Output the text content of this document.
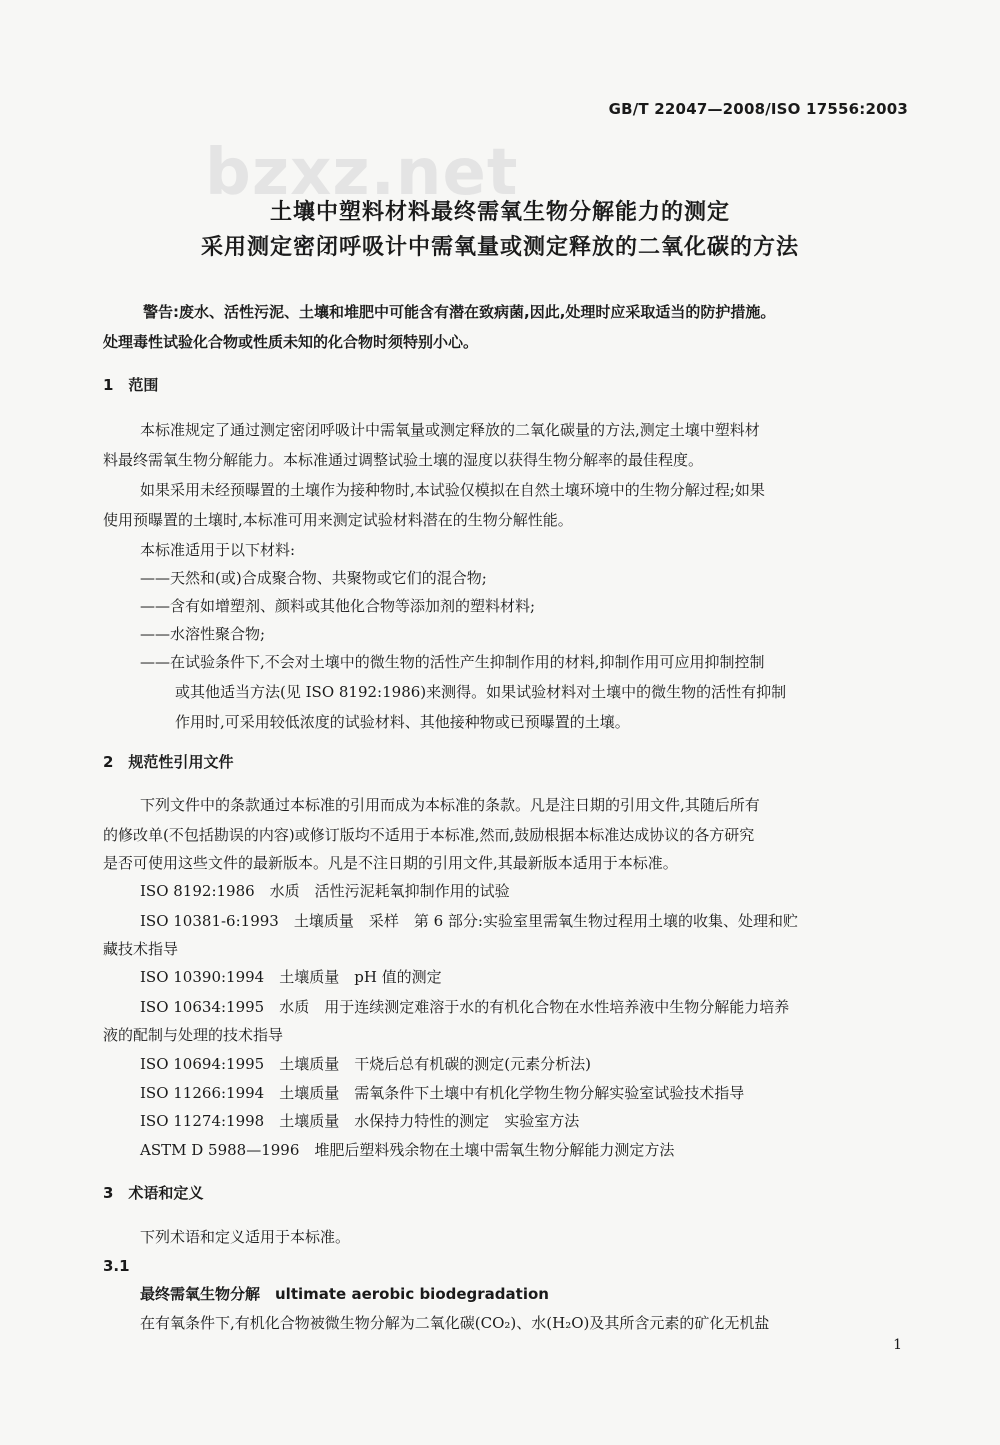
GB/T 22047—2008/ISO 17556:2003
bzxz.net
土壤中塑料材料最终需氧生物分解能力的测定
采用测定密闭呼吸计中需氧量或测定释放的二氧化碳的方法
警告:废水、活性污泥、土壤和堆肥中可能含有潜在致病菌,因此,处理时应采取适当的防护措施。
处理毒性试验化合物或性质未知的化合物时须特别小心。
1　范围
本标准规定了通过测定密闭呼吸计中需氧量或测定释放的二氧化碳量的方法,测定土壤中塑料材
料最终需氧生物分解能力。本标准通过调整试验土壤的湿度以获得生物分解率的最佳程度。
如果采用未经预曝置的土壤作为接种物时,本试验仅模拟在自然土壤环境中的生物分解过程;如果
使用预曝置的土壤时,本标准可用来测定试验材料潜在的生物分解性能。
本标准适用于以下材料:
——天然和(或)合成聚合物、共聚物或它们的混合物;
——含有如增塑剂、颜料或其他化合物等添加剂的塑料材料;
——水溶性聚合物;
——在试验条件下,不会对土壤中的微生物的活性产生抑制作用的材料,抑制作用可应用抑制控制
或其他适当方法(见 ISO 8192:1986)来测得。如果试验材料对土壤中的微生物的活性有抑制
作用时,可采用较低浓度的试验材料、其他接种物或已预曝置的土壤。
2　规范性引用文件
下列文件中的条款通过本标准的引用而成为本标准的条款。凡是注日期的引用文件,其随后所有
的修改单(不包括勘误的内容)或修订版均不适用于本标准,然而,鼓励根据本标准达成协议的各方研究
是否可使用这些文件的最新版本。凡是不注日期的引用文件,其最新版本适用于本标准。
ISO 8192:1986　水质　活性污泥耗氧抑制作用的试验
ISO 10381-6:1993　土壤质量　采样　第 6 部分:实验室里需氧生物过程用土壤的收集、处理和贮
藏技术指导
ISO 10390:1994　土壤质量　pH 值的测定
ISO 10634:1995　水质　用于连续测定难溶于水的有机化合物在水性培养液中生物分解能力培养
液的配制与处理的技术指导
ISO 10694:1995　土壤质量　干烧后总有机碳的测定(元素分析法)
ISO 11266:1994　土壤质量　需氧条件下土壤中有机化学物生物分解实验室试验技术指导
ISO 11274:1998　土壤质量　水保持力特性的测定　实验室方法
ASTM D 5988—1996　堆肥后塑料残余物在土壤中需氧生物分解能力测定方法
3　术语和定义
下列术语和定义适用于本标准。
3.1
最终需氧生物分解　ultimate aerobic biodegradation
在有氧条件下,有机化合物被微生物分解为二氧化碳(CO₂)、水(H₂O)及其所含元素的矿化无机盐
1
